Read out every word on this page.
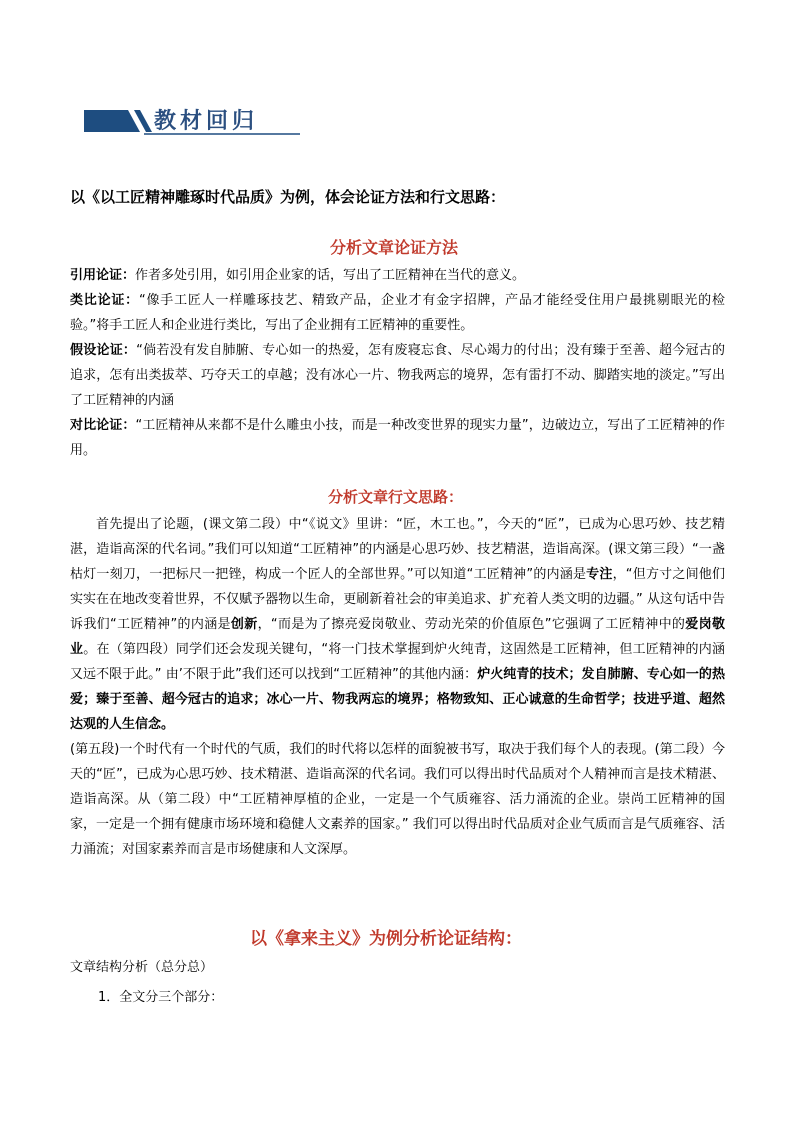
教材回归
以《以工匠精神雕琢时代品质》为例，体会论证方法和行文思路：
分析文章论证方法

引用论证：作者多处引用，如引用企业家的话，写出了工匠精神在当代的意义。

类比论证：“像手工匠人一样雕琢技艺、精致产品，企业才有金字招牌，产品才能经受住用户最挑剔眼光的检验。”将手工匠人和企业进行类比，写出了企业拥有工匠精神的重要性。

假设论证：“倘若没有发自肺腑、专心如一的热爱，怎有废寝忘食、尽心竭力的付出；没有臻于至善、超今冠古的追求，怎有出类拔萃、巧夺天工的卓越；没有冰心一片、物我两忘的境界，怎有雷打不动、脚踏实地的淡定。”写出了工匠精神的内涵

对比论证：“工匠精神从来都不是什么雕虫小技，而是一种改变世界的现实力量”，边破边立，写出了工匠精神的作用。

分析文章行文思路：

首先提出了论题，(课文第二段）中“《说文》里讲：“匠，木工也。”，今天的“匠”，已成为心思巧妙、技艺精湛，造诣高深的代名词。”我们可以知道“工匠精神”的内涵是心思巧妙、技艺精湛，造诣高深。(课文第三段）“一盏枯灯一刻刀，一把标尺一把锉，构成一个匠人的全部世界。”可以知道“工匠精神”的内涵是专注，“但方寸之间他们实实在在地改变着世界，不仅赋予器物以生命，更刷新着社会的审美追求、扩充着人类文明的边疆。” 从这句话中告诉我们“工匠精神”的内涵是创新，“而是为了擦亮爱岗敬业、劳动光荣的价值原色”它强调了工匠精神中的爱岗敬业。在（第四段）同学们还会发现关键句，“将一门技术掌握到炉火纯青，这固然是工匠精神，但工匠精神的内涵又远不限于此。” 由’不限于此”我们还可以找到“工匠精神”的其他内涵：炉火纯青的技术；发自肺腑、专心如一的热爱；臻于至善、超今冠古的追求；冰心一片、物我两忘的境界；格物致知、正心诚意的生命哲学；技进乎道、超然达观的人生信念。

(第五段)一个时代有一个时代的气质，我们的时代将以怎样的面貌被书写，取决于我们每个人的表现。(第二段）今天的“匠”，已成为心思巧妙、技术精湛、造诣高深的代名词。我们可以得出时代品质对个人精神而言是技术精湛、造诣高深。从（第二段）中“工匠精神厚植的企业，一定是一个气质雍容、活力涌流的企业。崇尚工匠精神的国家，一定是一个拥有健康市场环境和稳健人文素养的国家。” 我们可以得出时代品质对企业气质而言是气质雍容、活力涌流；对国家素养而言是市场健康和人文深厚。

以《拿来主义》为例分析论证结构：
文章结构分析（总分总）
1．全文分三个部分：
